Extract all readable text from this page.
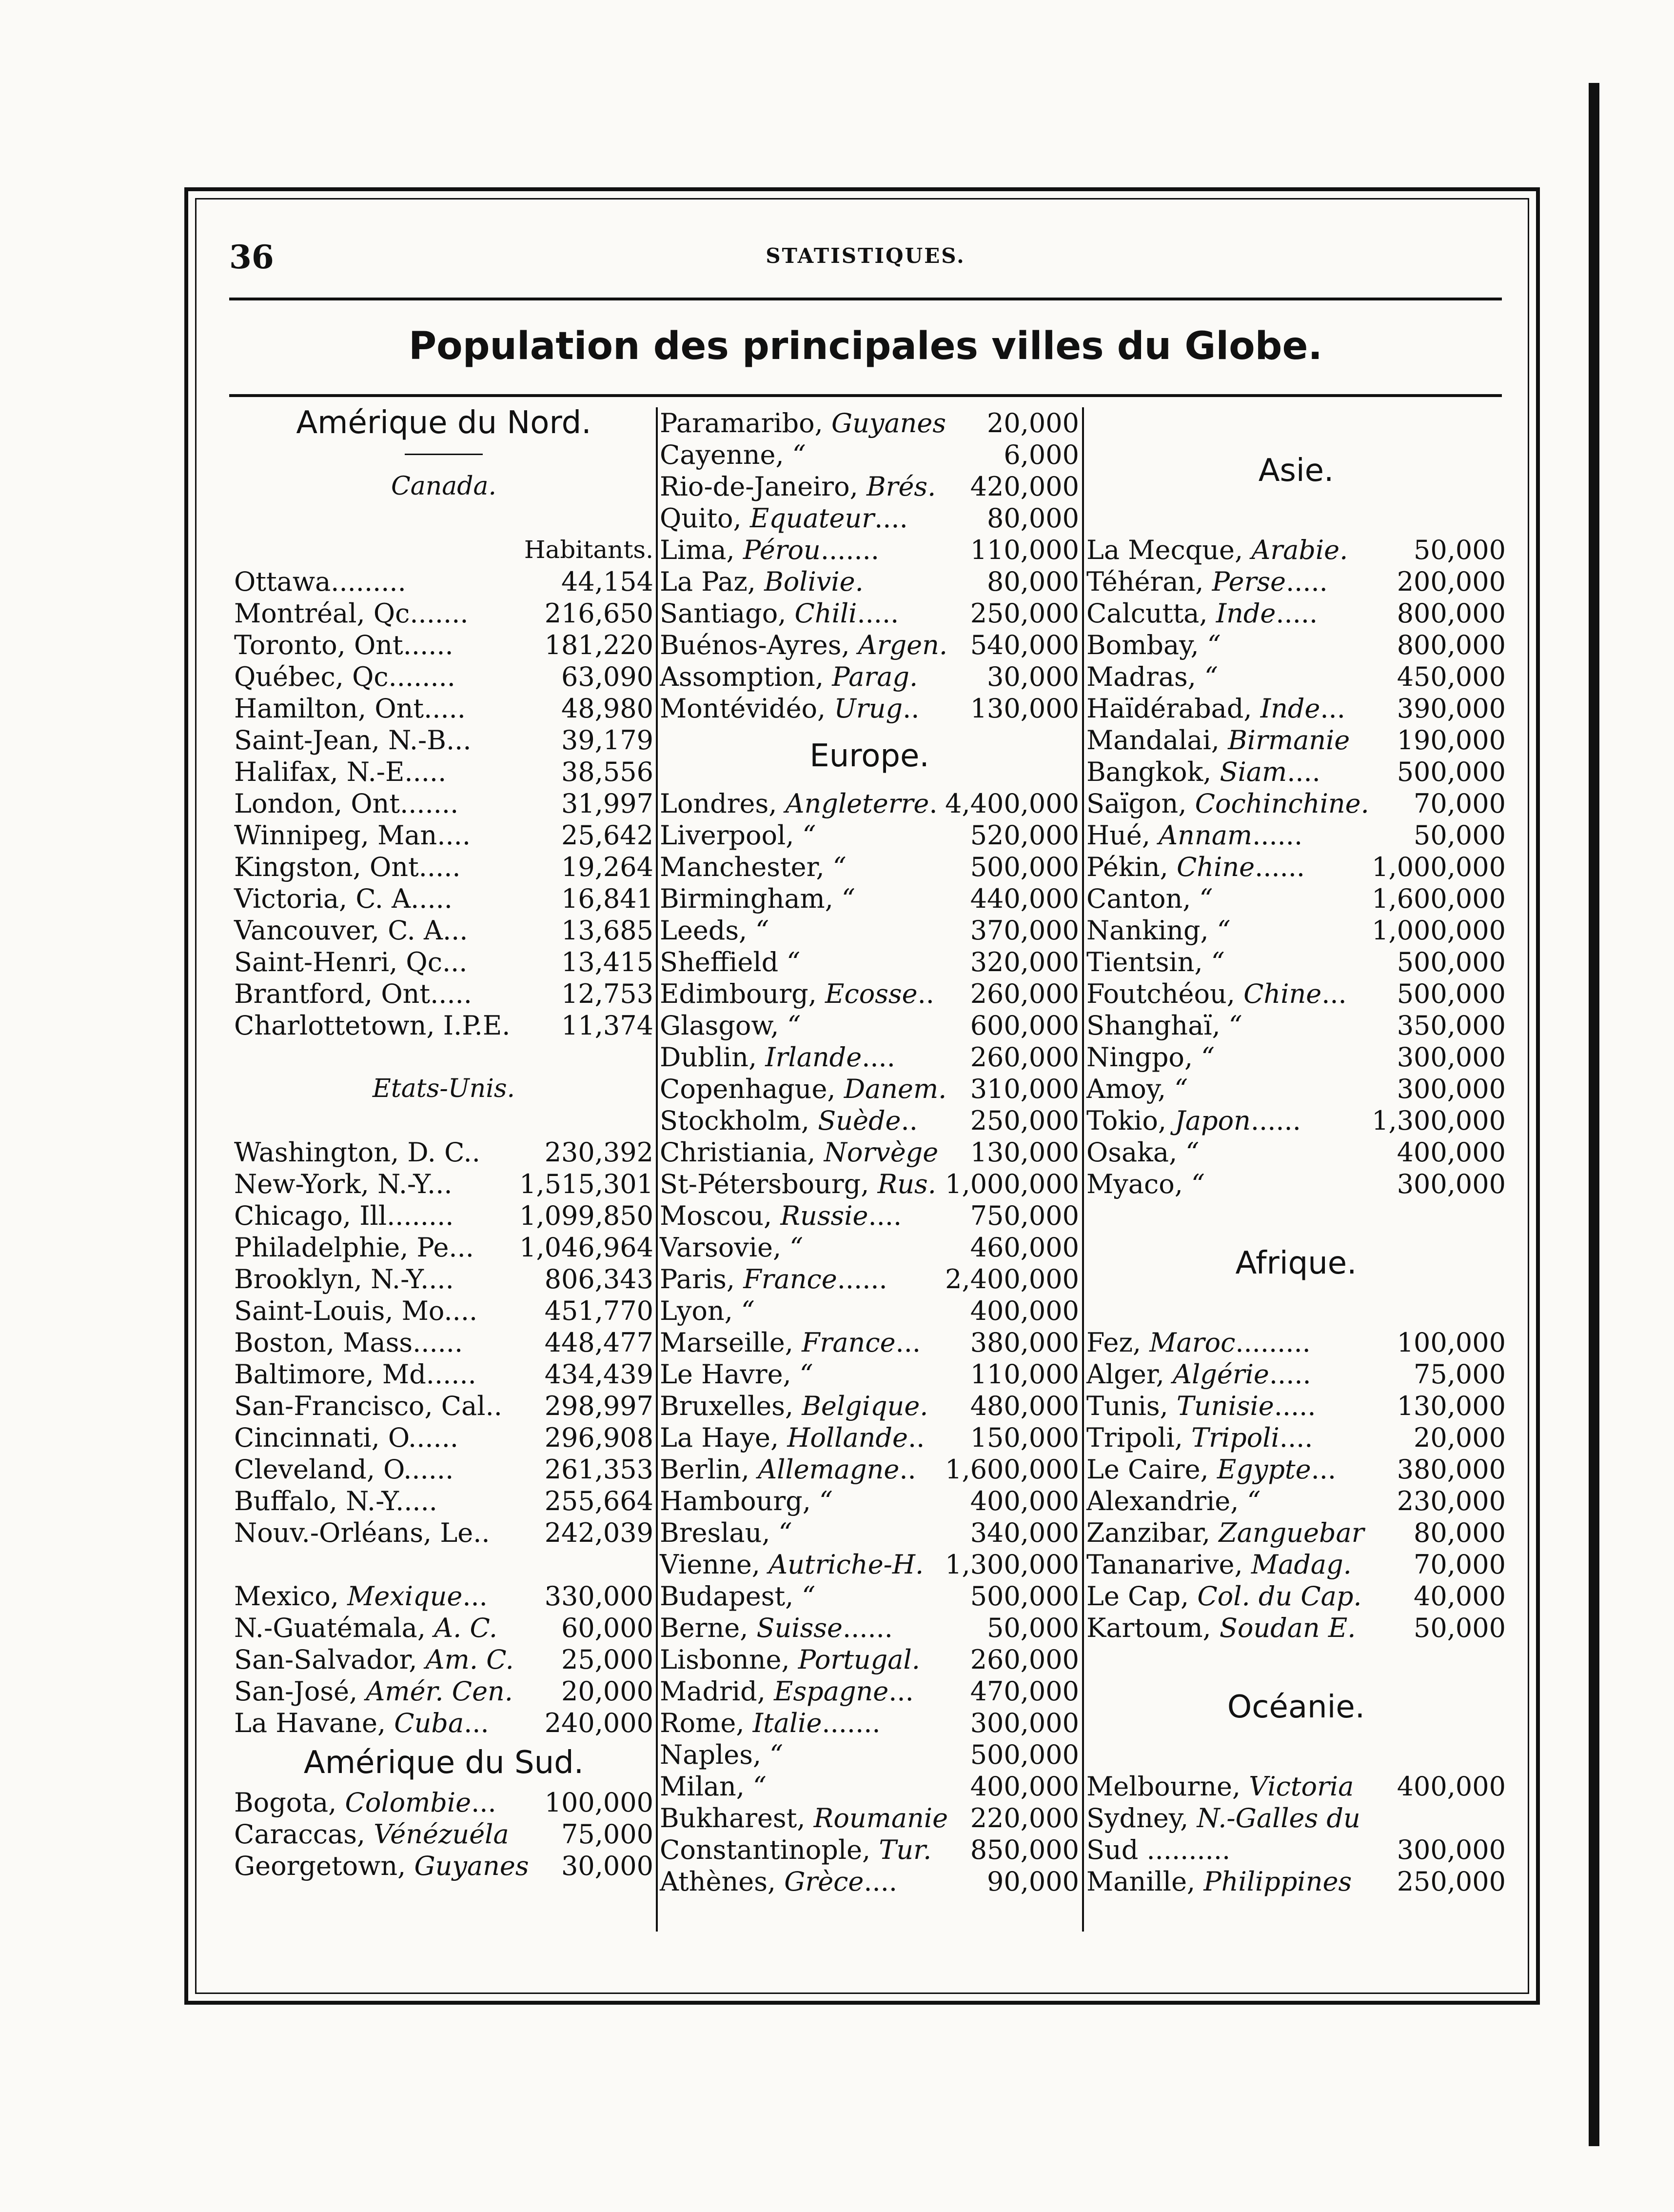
36	STATISTIQUES.
Population des principales villes du Globe.
Amérique du Nord.
Canada.
Habitants.
Ottawa.........	44,154
Montréal, Qc.......	216,650
Toronto, Ont......	181,220
Québec, Qc........	63,090
Hamilton, Ont.....	48,980
Saint-Jean, N.-B...	39,179
Halifax, N.-E.....	38,556
London, Ont.......	31,997
Winnipeg, Man....	25,642
Kingston, Ont.....	19,264
Victoria, C. A.....	16,841
Vancouver, C. A...	13,685
Saint-Henri, Qc...	13,415
Brantford, Ont.....	12,753
Charlottetown, I.P.E. 11,374
Etats-Unis.
Washington, D. C.. 230,392
New-York, N.-Y...	1,515,301
Chicago, Ill........ 1,099,850
Philadelphie, Pe... 1,046,964
Brooklyn, N.-Y....	806,343
Saint-Louis, Mo....	451,770
Boston, Mass......	448,477
Baltimore, Md......	434,439
San-Francisco, Cal.. 298,997
Cincinnati, O......	296,908
Cleveland, O......	261,353
Buffalo, N.-Y.....	255,664
Nouv.-Orléans, Le.. 242,039
Mexico, Mexique... 330,000
N.-Guatémala, A. C. 60,000
San-Salvador, Am. C. 25,000
San-José, Amér. Cen. 20,000
La Havane, Cuba... 240,000
Amérique du Sud.
Bogota, Colombie... 100,000
Caraccas, Vénézuéla 75,000
Georgetown, Guyanes 30,000
Paramaribo, Guyanes 20,000
Cayenne, “	6,000
Rio-de-Janeiro, Brés. 420,000
Quito, Equateur....	80,000
Lima, Pérou.......	110,000
La Paz, Bolivie.	80,000
Santiago, Chili.....	250,000
Buénos-Ayres, Argen. 540,000
Assomption, Parag.	30,000
Montévidéo, Urug.. 130,000
Europe.
Londres, Angleterre. 4,400,000
Liverpool, “	520,000
Manchester, “	500,000
Birmingham, “	440,000
Leeds, “	370,000
Sheffield “	320,000
Edimbourg, Ecosse.. 260,000
Glasgow, “	600,000
Dublin, Irlande....	260,000
Copenhague, Danem. 310,000
Stockholm, Suède.. 250,000
Christiania, Norvège 130,000
St-Pétersbourg, Rus. 1,000,000
Moscou, Russie....	750,000
Varsovie, “	460,000
Paris, France...... 2,400,000
Lyon, “	400,000
Marseille, France... 380,000
Le Havre, “	110,000
Bruxelles, Belgique. 480,000
La Haye, Hollande.. 150,000
Berlin, Allemagne.. 1,600,000
Hambourg, “	400,000
Breslau, “	340,000
Vienne, Autriche-H. 1,300,000
Budapest, “	500,000
Berne, Suisse......	50,000
Lisbonne, Portugal. 260,000
Madrid, Espagne... 470,000
Rome, Italie.......	300,000
Naples, “	500,000
Milan, “	400,000
Bukharest, Roumanie 220,000
Constantinople, Tur. 850,000
Athènes, Grèce....	90,000
Asie.
La Mecque, Arabie. 50,000
Téhéran, Perse.....	200,000
Calcutta, Inde.....	800,000
Bombay, “	800,000
Madras, “	450,000
Haïdérabad, Inde... 390,000
Mandalai, Birmanie 190,000
Bangkok, Siam....	500,000
Saïgon, Cochinchine. 70,000
Hué, Annam......	50,000
Pékin, Chine......	1,000,000
Canton, “	1,600,000
Nanking, “	1,000,000
Tientsin, “	500,000
Foutchéou, Chine... 500,000
Shanghaï, “	350,000
Ningpo, “	300,000
Amoy, “	300,000
Tokio, Japon......	1,300,000
Osaka, “	400,000
Myaco, “	300,000
Afrique.
Fez, Maroc.........	100,000
Alger, Algérie.....	75,000
Tunis, Tunisie.....	130,000
Tripoli, Tripoli....	20,000
Le Caire, Egypte... 380,000
Alexandrie, “	230,000
Zanzibar, Zanguebar 80,000
Tananarive, Madag. 70,000
Le Cap, Col. du Cap. 40,000
Kartoum, Soudan E. 50,000
Océanie.
Melbourne, Victoria 400,000
Sydney, N.-Galles du
Sud ..........	300,000
Manille, Philippines 250,000
